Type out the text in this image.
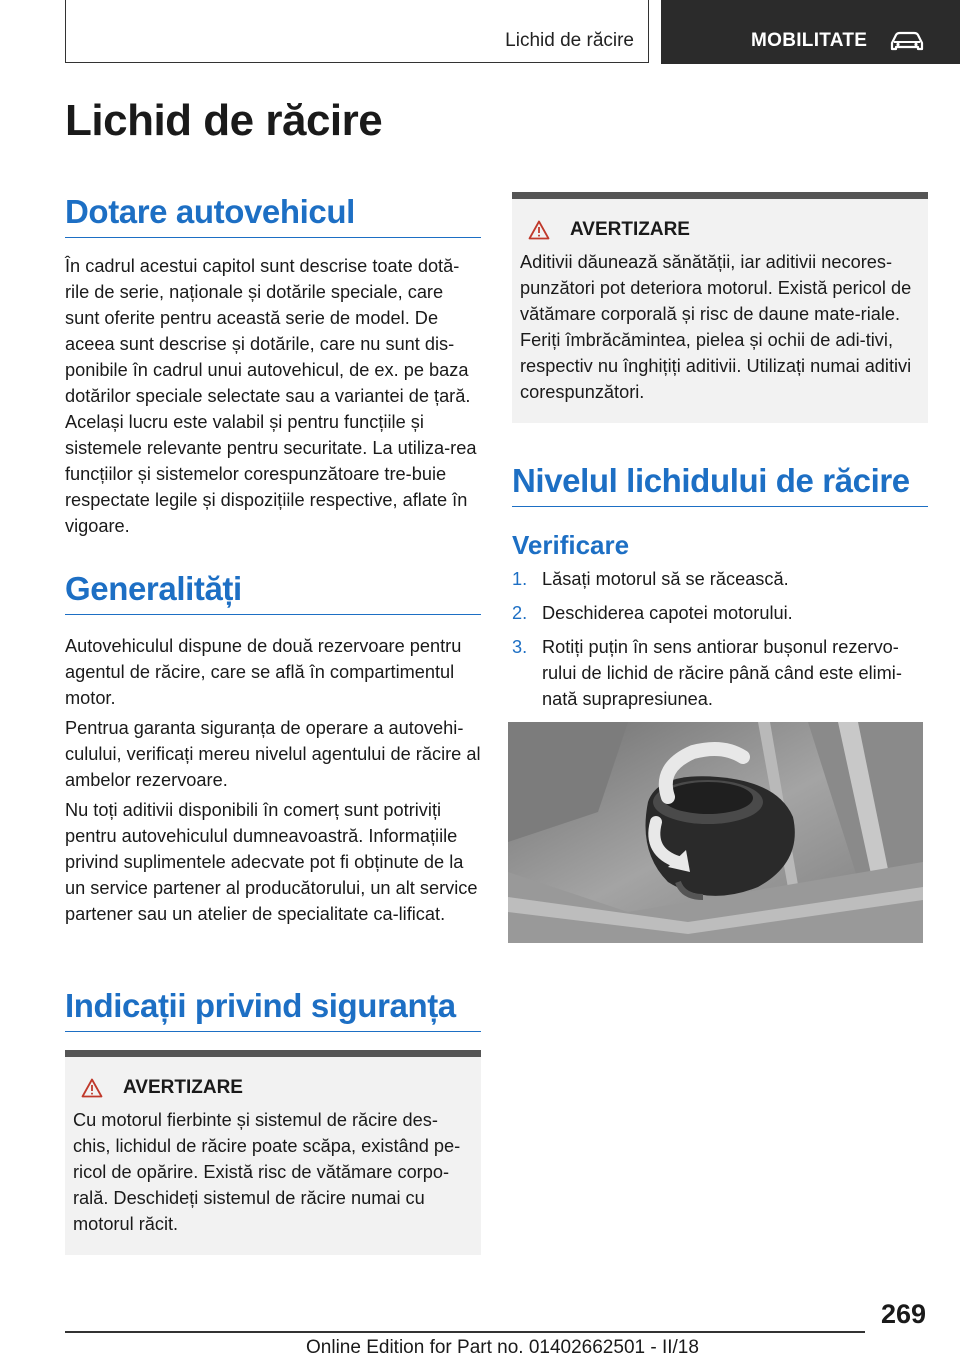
Lichid de răcire	MOBILITATE
Lichid de răcire
Dotare autovehicul

În cadrul acestui capitol sunt descrise toate dotă-rile de serie, naționale și dotările speciale, care sunt oferite pentru această serie de model. De aceea sunt descrise și dotările, care nu sunt dis-ponibile în cadrul unui autovehicul, de ex. pe baza dotărilor speciale selectate sau a variantei de țară. Același lucru este valabil și pentru funcțiile și sistemele relevante pentru securitate. La utiliza-rea funcțiilor și sistemelor corespunzătoare tre-buie respectate legile și dispozițiile respective, aflate în vigoare.

Generalități

Autovehiculul dispune de două rezervoare pentru agentul de răcire, care se află în compartimentul motor.

Pentrua garanta siguranța de operare a autovehi-culului, verificați mereu nivelul agentului de răcire al ambelor rezervoare.

Nu toți aditivii disponibili în comerț sunt potriviți pentru autovehiculul dumneavoastră. Informațiile privind suplimentele adecvate pot fi obținute de la un service partener al producătorului, un alt service partener sau un atelier de specialitate ca-lificat.

Indicații privind siguranța
AVERTIZARE

Cu motorul fierbinte și sistemul de răcire des-chis, lichidul de răcire poate scăpa, existând pe-ricol de opărire. Există risc de vătămare corpo-rală. Deschideți sistemul de răcire numai cu motorul răcit.

AVERTIZARE

Aditivii dăunează sănătății, iar aditivii necores-punzători pot deteriora motorul. Există pericol de vătămare corporală și risc de daune mate-riale. Feriți îmbrăcămintea, pielea și ochii de adi-tivi, respectiv nu înghițiți aditivii. Utilizați numai aditivi corespunzători.

Nivelul lichidului de răcire
Verificare
1. Lăsați motorul să se răcească.
2. Deschiderea capotei motorului.
3. Rotiți puțin în sens antiorar bușonul rezervo-rului de lichid de răcire până când este elimi-nată suprapresiunea.
269
Online Edition for Part no. 01402662501 - II/18
